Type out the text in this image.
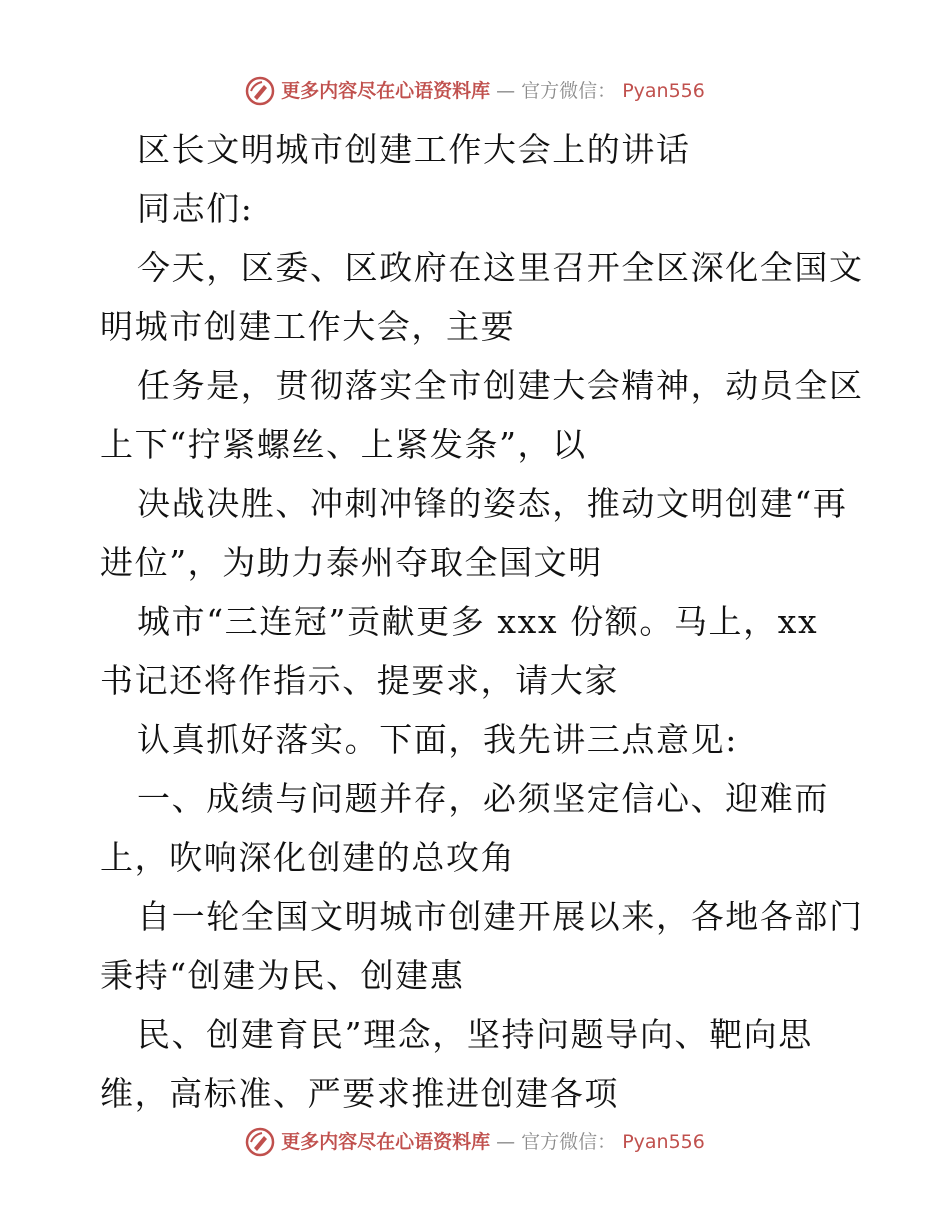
更多内容尽在心语资料库 — 官方微信： Pyan556
区长文明城市创建工作大会上的讲话
同志们:
今天，区委、区政府在这里召开全区深化全国文
明城市创建工作大会，主要
任务是，贯彻落实全市创建大会精神，动员全区
上下“拧紧螺丝、上紧发条”，以
决战决胜、冲刺冲锋的姿态，推动文明创建“再
进位”，为助力泰州夺取全国文明
城市“三连冠”贡献更多 xxx 份额。马上，xx
书记还将作指示、提要求，请大家
认真抓好落实。下面，我先讲三点意见:
一、成绩与问题并存，必须坚定信心、迎难而
上，吹响深化创建的总攻角
自一轮全国文明城市创建开展以来，各地各部门
秉持“创建为民、创建惠
民、创建育民”理念，坚持问题导向、靶向思
维，高标准、严要求推进创建各项
更多内容尽在心语资料库 — 官方微信： Pyan556
